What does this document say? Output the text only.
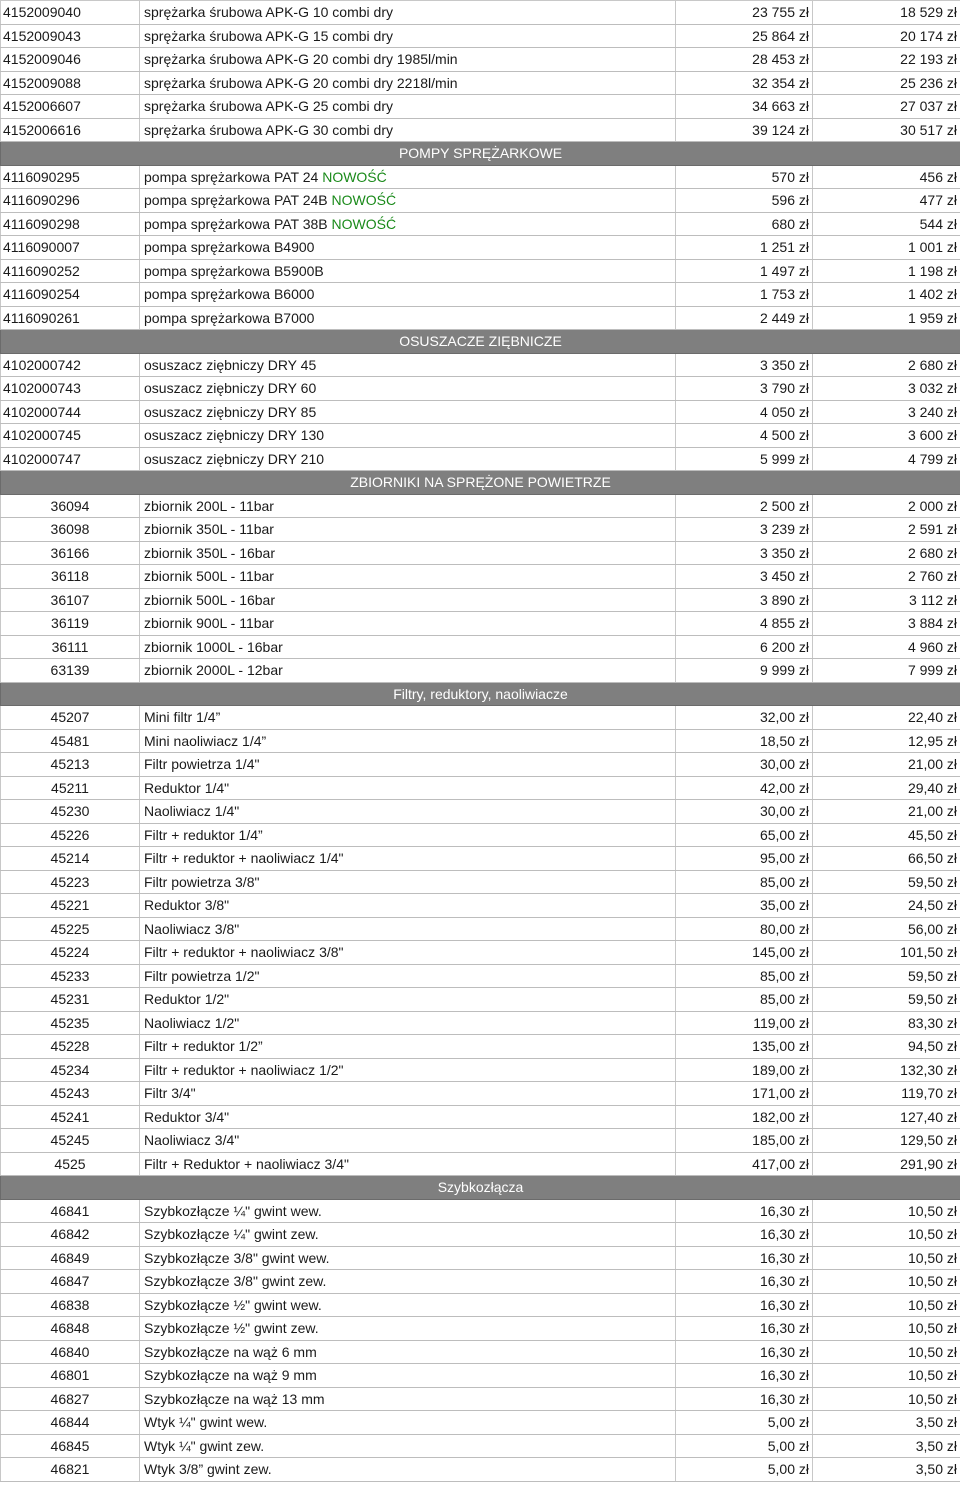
4152009040	sprężarka śrubowa APK-G 10 combi dry	23 755 zł	18 529 zł
4152009043	sprężarka śrubowa APK-G 15 combi dry	25 864 zł	20 174 zł
4152009046	sprężarka śrubowa APK-G 20 combi dry 1985l/min	28 453 zł	22 193 zł
4152009088	sprężarka śrubowa APK-G 20 combi dry 2218l/min	32 354 zł	25 236 zł
4152006607	sprężarka śrubowa APK-G 25 combi dry	34 663 zł	27 037 zł
4152006616	sprężarka śrubowa APK-G 30 combi dry	39 124 zł	30 517 zł
POMPY SPRĘŻARKOWE			
4116090295	pompa sprężarkowa PAT 24 NOWOŚĆ	570 zł	456 zł
4116090296	pompa sprężarkowa PAT 24B NOWOŚĆ	596 zł	477 zł
4116090298	pompa sprężarkowa PAT 38B NOWOŚĆ	680 zł	544 zł
4116090007	pompa sprężarkowa B4900	1 251 zł	1 001 zł
4116090252	pompa sprężarkowa B5900B	1 497 zł	1 198 zł
4116090254	pompa sprężarkowa B6000	1 753 zł	1 402 zł
4116090261	pompa sprężarkowa B7000	2 449 zł	1 959 zł
OSUSZACZE ZIĘBNICZE			
4102000742	osuszacz ziębniczy DRY 45	3 350 zł	2 680 zł
4102000743	osuszacz ziębniczy DRY 60	3 790 zł	3 032 zł
4102000744	osuszacz ziębniczy DRY 85	4 050 zł	3 240 zł
4102000745	osuszacz ziębniczy DRY 130	4 500 zł	3 600 zł
4102000747	osuszacz ziębniczy DRY 210	5 999 zł	4 799 zł
ZBIORNIKI NA SPRĘŻONE POWIETRZE			
36094	zbiornik 200L - 11bar	2 500 zł	2 000 zł
36098	zbiornik 350L - 11bar	3 239 zł	2 591 zł
36166	zbiornik 350L - 16bar	3 350 zł	2 680 zł
36118	zbiornik 500L - 11bar	3 450 zł	2 760 zł
36107	zbiornik 500L - 16bar	3 890 zł	3 112 zł
36119	zbiornik 900L - 11bar	4 855 zł	3 884 zł
36111	zbiornik 1000L - 16bar	6 200 zł	4 960 zł
63139	zbiornik 2000L - 12bar	9 999 zł	7 999 zł
Filtry, reduktory, naoliwiacze			
45207	Mini filtr 1/4”	32,00 zł	22,40 zł
45481	Mini naoliwiacz 1/4”	18,50 zł	12,95 zł
45213	Filtr powietrza 1/4"	30,00 zł	21,00 zł
45211	Reduktor 1/4"	42,00 zł	29,40 zł
45230	Naoliwiacz 1/4"	30,00 zł	21,00 zł
45226	Filtr + reduktor 1/4”	65,00 zł	45,50 zł
45214	Filtr + reduktor + naoliwiacz 1/4"	95,00 zł	66,50 zł
45223	Filtr powietrza 3/8"	85,00 zł	59,50 zł
45221	Reduktor 3/8"	35,00 zł	24,50 zł
45225	Naoliwiacz 3/8"	80,00 zł	56,00 zł
45224	Filtr + reduktor + naoliwiacz 3/8"	145,00 zł	101,50 zł
45233	Filtr powietrza 1/2"	85,00 zł	59,50 zł
45231	Reduktor 1/2"	85,00 zł	59,50 zł
45235	Naoliwiacz 1/2"	119,00 zł	83,30 zł
45228	Filtr + reduktor 1/2”	135,00 zł	94,50 zł
45234	Filtr + reduktor + naoliwiacz 1/2"	189,00 zł	132,30 zł
45243	Filtr 3/4"	171,00 zł	119,70 zł
45241	Reduktor 3/4"	182,00 zł	127,40 zł
45245	Naoliwiacz 3/4"	185,00 zł	129,50 zł
4525	Filtr + Reduktor + naoliwiacz 3/4"	417,00 zł	291,90 zł
Szybkozłącza			
46841	Szybkozłącze ¼" gwint wew.	16,30 zł	10,50 zł
46842	Szybkozłącze ¼" gwint zew.	16,30 zł	10,50 zł
46849	Szybkozłącze 3/8" gwint wew.	16,30 zł	10,50 zł
46847	Szybkozłącze 3/8" gwint zew.	16,30 zł	10,50 zł
46838	Szybkozłącze ½" gwint wew.	16,30 zł	10,50 zł
46848	Szybkozłącze ½" gwint zew.	16,30 zł	10,50 zł
46840	Szybkozłącze na wąż 6 mm	16,30 zł	10,50 zł
46801	Szybkozłącze na wąż 9 mm	16,30 zł	10,50 zł
46827	Szybkozłącze na wąż 13 mm	16,30 zł	10,50 zł
46844	Wtyk ¼" gwint wew.	5,00 zł	3,50 zł
46845	Wtyk ¼" gwint zew.	5,00 zł	3,50 zł
46821	Wtyk 3/8” gwint zew.	5,00 zł	3,50 zł
